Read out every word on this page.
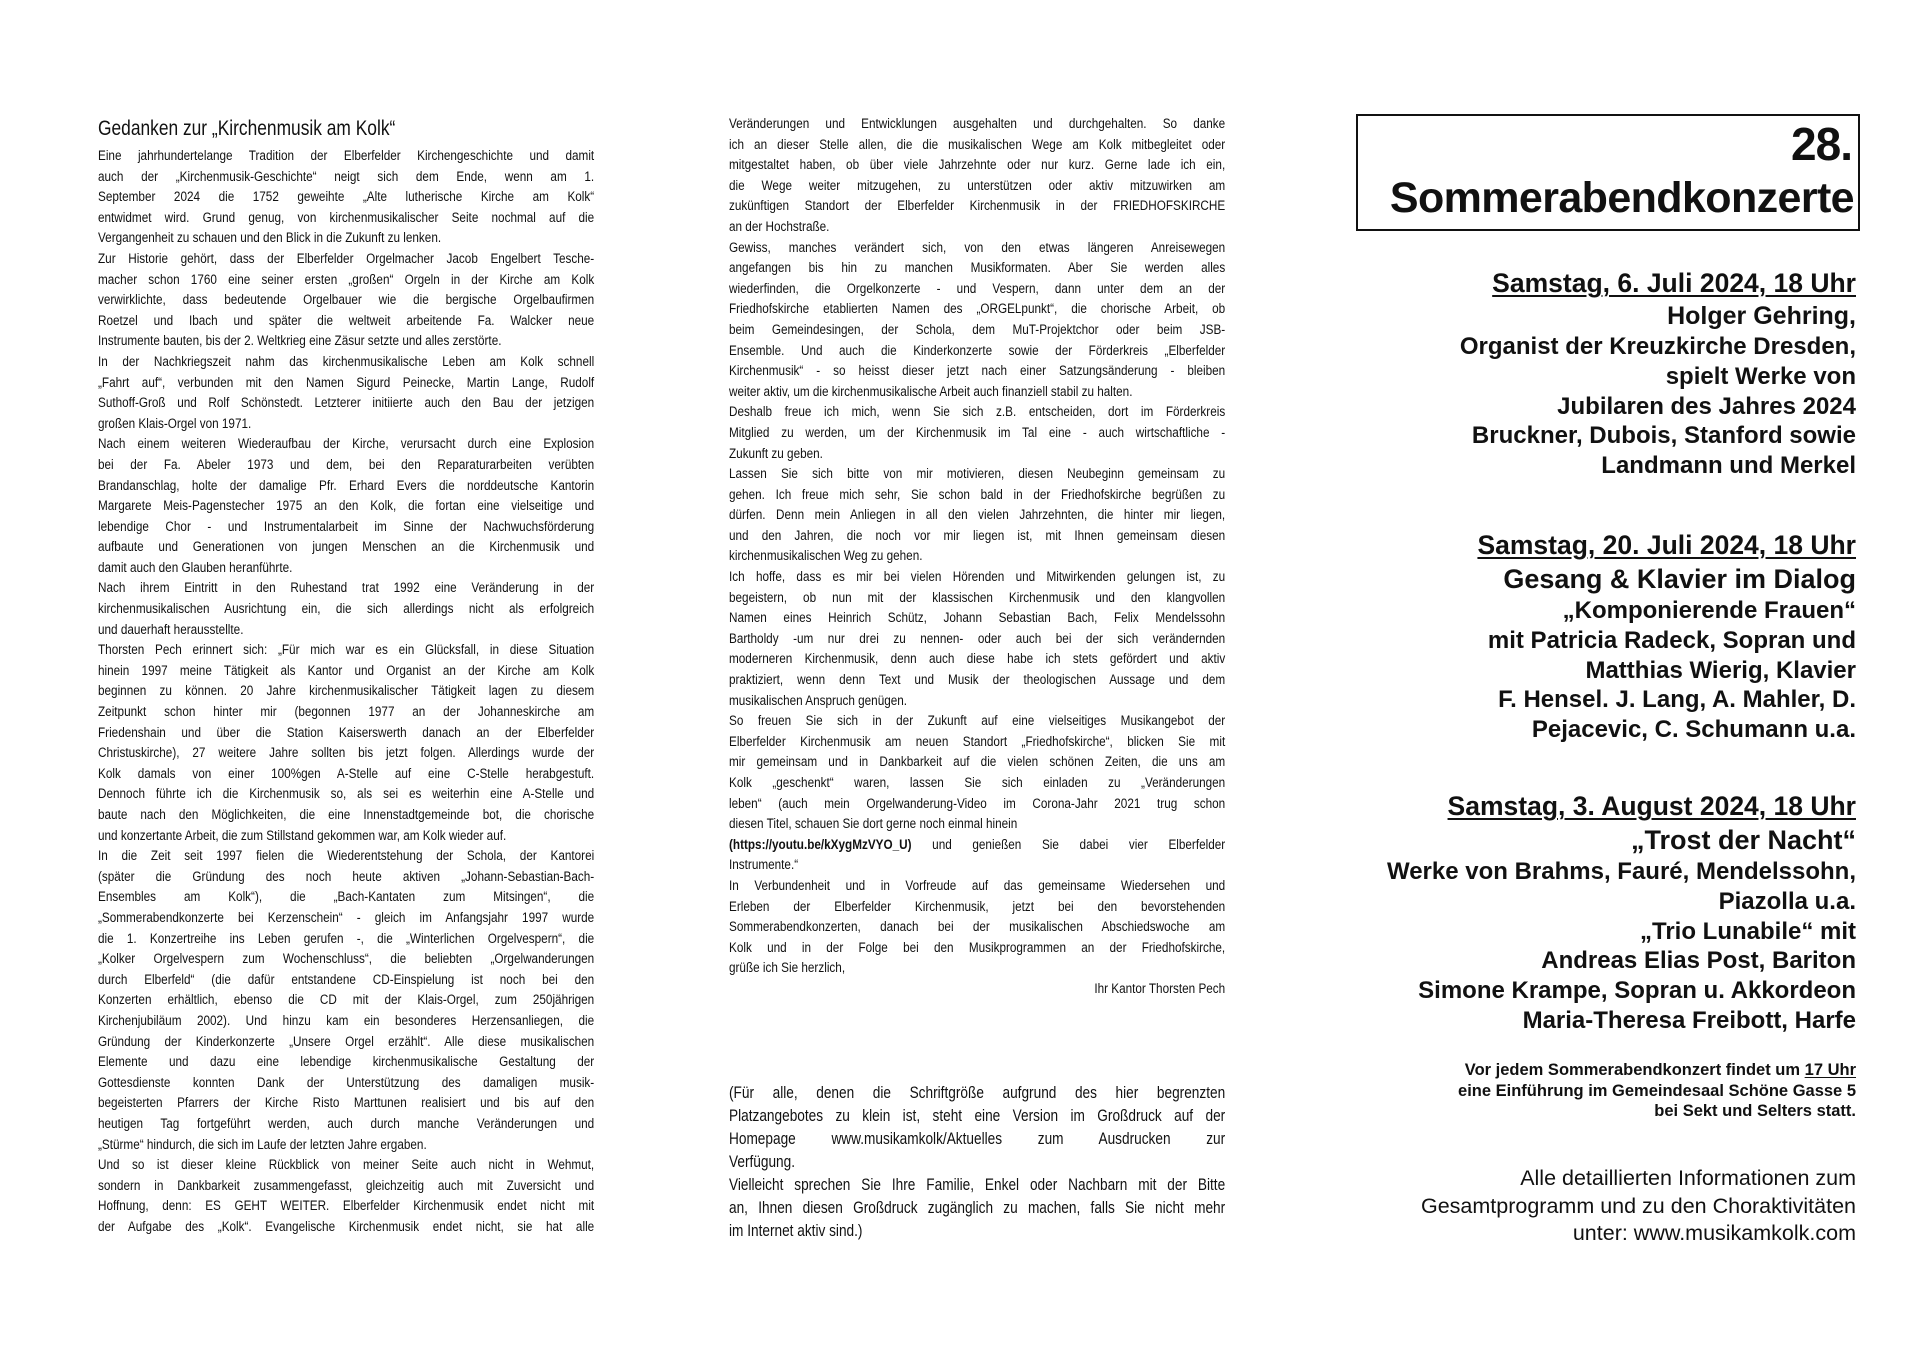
Gedanken zur „Kirchenmusik am Kolk“
Eine jahrhundertelange Tradition der Elberfelder Kirchengeschichte und damit
auch der „Kirchenmusik-Geschichte“ neigt sich dem Ende, wenn am 1.
September 2024 die 1752 geweihte „Alte lutherische Kirche am Kolk“
entwidmet wird. Grund genug, von kirchenmusikalischer Seite nochmal auf die
Vergangenheit zu schauen und den Blick in die Zukunft zu lenken.
Zur Historie gehört, dass der Elberfelder Orgelmacher Jacob Engelbert Tesche-
macher schon 1760 eine seiner ersten „großen“ Orgeln in der Kirche am Kolk
verwirklichte, dass bedeutende Orgelbauer wie die bergische Orgelbaufirmen
Roetzel und Ibach und später die weltweit arbeitende Fa. Walcker neue
Instrumente bauten, bis der 2. Weltkrieg eine Zäsur setzte und alles zerstörte.
In der Nachkriegszeit nahm das kirchenmusikalische Leben am Kolk schnell
„Fahrt auf“, verbunden mit den Namen Sigurd Peinecke, Martin Lange, Rudolf
Suthoff-Groß und Rolf Schönstedt. Letzterer initiierte auch den Bau der jetzigen
großen Klais-Orgel von 1971.
Nach einem weiteren Wiederaufbau der Kirche, verursacht durch eine Explosion
bei der Fa. Abeler 1973 und dem, bei den Reparaturarbeiten verübten
Brandanschlag, holte der damalige Pfr. Erhard Evers die norddeutsche Kantorin
Margarete Meis-Pagenstecher 1975 an den Kolk, die fortan eine vielseitige und
lebendige Chor - und Instrumentalarbeit im Sinne der Nachwuchsförderung
aufbaute und Generationen von jungen Menschen an die Kirchenmusik und
damit auch den Glauben heranführte.
Nach ihrem Eintritt in den Ruhestand trat 1992 eine Veränderung in der
kirchenmusikalischen Ausrichtung ein, die sich allerdings nicht als erfolgreich
und dauerhaft herausstellte.
Thorsten Pech erinnert sich: „Für mich war es ein Glücksfall, in diese Situation
hinein 1997 meine Tätigkeit als Kantor und Organist an der Kirche am Kolk
beginnen zu können. 20 Jahre kirchenmusikalischer Tätigkeit lagen zu diesem
Zeitpunkt schon hinter mir (begonnen 1977 an der Johanneskirche am
Friedenshain und über die Station Kaiserswerth danach an der Elberfelder
Christuskirche), 27 weitere Jahre sollten bis jetzt folgen. Allerdings wurde der
Kolk damals von einer 100%gen A-Stelle auf eine C-Stelle herabgestuft.
Dennoch führte ich die Kirchenmusik so, als sei es weiterhin eine A-Stelle und
baute nach den Möglichkeiten, die eine Innenstadtgemeinde bot, die chorische
und konzertante Arbeit, die zum Stillstand gekommen war, am Kolk wieder auf.
In die Zeit seit 1997 fielen die Wiederentstehung der Schola, der Kantorei
(später die Gründung des noch heute aktiven „Johann-Sebastian-Bach-
Ensembles am Kolk“), die „Bach-Kantaten zum Mitsingen“, die
„Sommerabendkonzerte bei Kerzenschein“ - gleich im Anfangsjahr 1997 wurde
die 1. Konzertreihe ins Leben gerufen -, die „Winterlichen Orgelvespern“, die
„Kolker Orgelvespern zum Wochenschluss“, die beliebten „Orgelwanderungen
durch Elberfeld“ (die dafür entstandene CD-Einspielung ist noch bei den
Konzerten erhältlich, ebenso die CD mit der Klais-Orgel, zum 250jährigen
Kirchenjubiläum 2002). Und hinzu kam ein besonderes Herzensanliegen, die
Gründung der Kinderkonzerte „Unsere Orgel erzählt“. Alle diese musikalischen
Elemente und dazu eine lebendige kirchenmusikalische Gestaltung der
Gottesdienste konnten Dank der Unterstützung des damaligen musik-
begeisterten Pfarrers der Kirche Risto Marttunen realisiert und bis auf den
heutigen Tag fortgeführt werden, auch durch manche Veränderungen und
„Stürme“ hindurch, die sich im Laufe der letzten Jahre ergaben.
Und so ist dieser kleine Rückblick von meiner Seite auch nicht in Wehmut,
sondern in Dankbarkeit zusammengefasst, gleichzeitig auch mit Zuversicht und
Hoffnung, denn: ES GEHT WEITER. Elberfelder Kirchenmusik endet nicht mit
der Aufgabe des „Kolk“. Evangelische Kirchenmusik endet nicht, sie hat alle
Veränderungen und Entwicklungen ausgehalten und durchgehalten. So danke
ich an dieser Stelle allen, die die musikalischen Wege am Kolk mitbegleitet oder
mitgestaltet haben, ob über viele Jahrzehnte oder nur kurz. Gerne lade ich ein,
die Wege weiter mitzugehen, zu unterstützen oder aktiv mitzuwirken am
zukünftigen Standort der Elberfelder Kirchenmusik in der FRIEDHOFSKIRCHE
an der Hochstraße.
Gewiss, manches verändert sich, von den etwas längeren Anreisewegen
angefangen bis hin zu manchen Musikformaten. Aber Sie werden alles
wiederfinden, die Orgelkonzerte - und Vespern, dann unter dem an der
Friedhofskirche etablierten Namen des „ORGELpunkt“, die chorische Arbeit, ob
beim Gemeindesingen, der Schola, dem MuT-Projektchor oder beim JSB-
Ensemble. Und auch die Kinderkonzerte sowie der Förderkreis „Elberfelder
Kirchenmusik“ - so heisst dieser jetzt nach einer Satzungsänderung - bleiben
weiter aktiv, um die kirchenmusikalische Arbeit auch finanziell stabil zu halten.
Deshalb freue ich mich, wenn Sie sich z.B. entscheiden, dort im Förderkreis
Mitglied zu werden, um der Kirchenmusik im Tal eine - auch wirtschaftliche -
Zukunft zu geben.
Lassen Sie sich bitte von mir motivieren, diesen Neubeginn gemeinsam zu
gehen. Ich freue mich sehr, Sie schon bald in der Friedhofskirche begrüßen zu
dürfen. Denn mein Anliegen in all den vielen Jahrzehnten, die hinter mir liegen,
und den Jahren, die noch vor mir liegen ist, mit Ihnen gemeinsam diesen
kirchenmusikalischen Weg zu gehen.
Ich hoffe, dass es mir bei vielen Hörenden und Mitwirkenden gelungen ist, zu
begeistern, ob nun mit der klassischen Kirchenmusik und den klangvollen
Namen eines Heinrich Schütz, Johann Sebastian Bach, Felix Mendelssohn
Bartholdy -um nur drei zu nennen- oder auch bei der sich verändernden
moderneren Kirchenmusik, denn auch diese habe ich stets gefördert und aktiv
praktiziert, wenn denn Text und Musik der theologischen Aussage und dem
musikalischen Anspruch genügen.
So freuen Sie sich in der Zukunft auf eine vielseitiges Musikangebot der
Elberfelder Kirchenmusik am neuen Standort „Friedhofskirche“, blicken Sie mit
mir gemeinsam und in Dankbarkeit auf die vielen schönen Zeiten, die uns am
Kolk „geschenkt“ waren, lassen Sie sich einladen zu „Veränderungen
leben“ (auch mein Orgelwanderung-Video im Corona-Jahr 2021 trug schon
diesen Titel, schauen Sie dort gerne noch einmal hinein
(https://youtu.be/kXygMzVYO_U) und genießen Sie dabei vier Elberfelder
Instrumente.“
In Verbundenheit und in Vorfreude auf das gemeinsame Wiedersehen und
Erleben der Elberfelder Kirchenmusik, jetzt bei den bevorstehenden
Sommerabendkonzerten, danach bei der musikalischen Abschiedswoche am
Kolk und in der Folge bei den Musikprogrammen an der Friedhofskirche,
grüße ich Sie herzlich,
Ihr Kantor Thorsten Pech
(Für alle, denen die Schriftgröße aufgrund des hier begrenzten
Platzangebotes zu klein ist, steht eine Version im Großdruck auf der
Homepage www.musikamkolk/Aktuelles zum Ausdrucken zur
Verfügung.
Vielleicht sprechen Sie Ihre Familie, Enkel oder Nachbarn mit der Bitte
an, Ihnen diesen Großdruck zugänglich zu machen, falls Sie nicht mehr
im Internet aktiv sind.)
28.
Sommerabendkonzerte
Samstag, 6. Juli 2024, 18 Uhr
Holger Gehring,
Organist der Kreuzkirche Dresden,
spielt Werke von
Jubilaren des Jahres 2024
Bruckner, Dubois, Stanford sowie
Landmann und Merkel
Samstag, 20. Juli 2024, 18 Uhr
Gesang & Klavier im Dialog
„Komponierende Frauen“
mit Patricia Radeck, Sopran und
Matthias Wierig, Klavier
F. Hensel. J. Lang, A. Mahler, D.
Pejacevic, C. Schumann u.a.
Samstag, 3. August 2024, 18 Uhr
„Trost der Nacht“
Werke von Brahms, Fauré, Mendelssohn,
Piazolla u.a.
„Trio Lunabile“ mit
Andreas Elias Post, Bariton
Simone Krampe, Sopran u. Akkordeon
Maria-Theresa Freibott, Harfe
Vor jedem Sommerabendkonzert findet um 17 Uhr
eine Einführung im Gemeindesaal Schöne Gasse 5
bei Sekt und Selters statt.
Alle detaillierten Informationen zum
Gesamtprogramm und zu den Choraktivitäten
unter: www.musikamkolk.com
